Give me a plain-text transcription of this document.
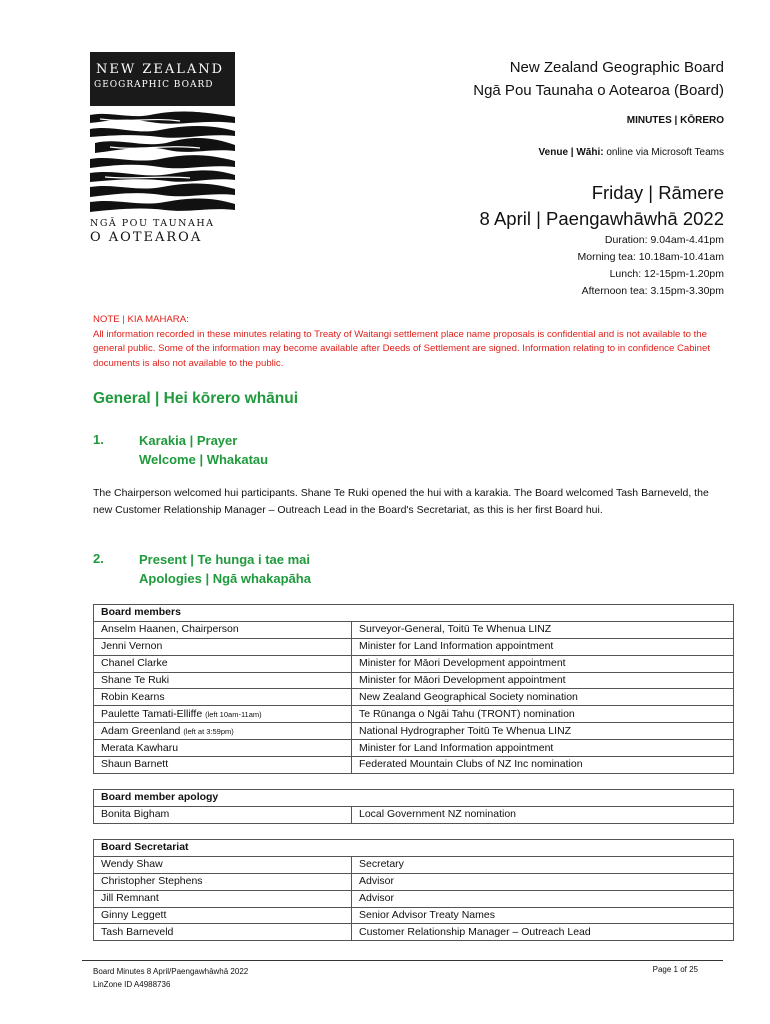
NEW ZEALAND
GEOGRAPHIC BOARD
NGĀ POU TAUNAHA
O AOTEAROA
New Zealand Geographic Board
Ngā Pou Taunaha o Aotearoa (Board)
MINUTES | KŌRERO
Venue | Wāhi: online via Microsoft Teams
Friday | Rāmere
8 April | Paengawhāwhā 2022
Duration: 9.04am-4.41pm
Morning tea: 10.18am-10.41am
Lunch: 12-15pm-1.20pm
Afternoon tea: 3.15pm-3.30pm
NOTE | KIA MAHARA:
All information recorded in these minutes relating to Treaty of Waitangi settlement place name proposals is confidential and is not available to the general public. Some of the information may become available after Deeds of Settlement are signed. Information relating to in confidence Cabinet documents is also not available to the public.
General | Hei kōrero whānui
1.	Karakia | Prayer
Welcome | Whakatau
The Chairperson welcomed hui participants. Shane Te Ruki opened the hui with a karakia. The Board welcomed Tash Barneveld, the new Customer Relationship Manager – Outreach Lead in the Board's Secretariat, as this is her first Board hui.
2.	Present | Te hunga i tae mai
Apologies | Ngā whakapāha
Board members	
Anselm Haanen, Chairperson	Surveyor-General, Toitū Te Whenua LINZ
Jenni Vernon	Minister for Land Information appointment
Chanel Clarke	Minister for Māori Development appointment
Shane Te Ruki	Minister for Māori Development appointment
Robin Kearns	New Zealand Geographical Society nomination
Paulette Tamati-Elliffe (left 10am-11am)	Te Rūnanga o Ngāi Tahu (TRONT) nomination
Adam Greenland (left at 3:59pm)	National Hydrographer Toitū Te Whenua LINZ
Merata Kawharu	Minister for Land Information appointment
Shaun Barnett	Federated Mountain Clubs of NZ Inc nomination
Board member apology
Bonita Bigham	Local Government NZ nomination
Board Secretariat	
Wendy Shaw	Secretary
Christopher Stephens	Advisor
Jill Remnant	Advisor
Ginny Leggett	Senior Advisor Treaty Names
Tash Barneveld	Customer Relationship Manager – Outreach Lead
Board Minutes 8 April/Paengawhāwhā 2022
LinZone ID A4988736
Page 1 of 25
